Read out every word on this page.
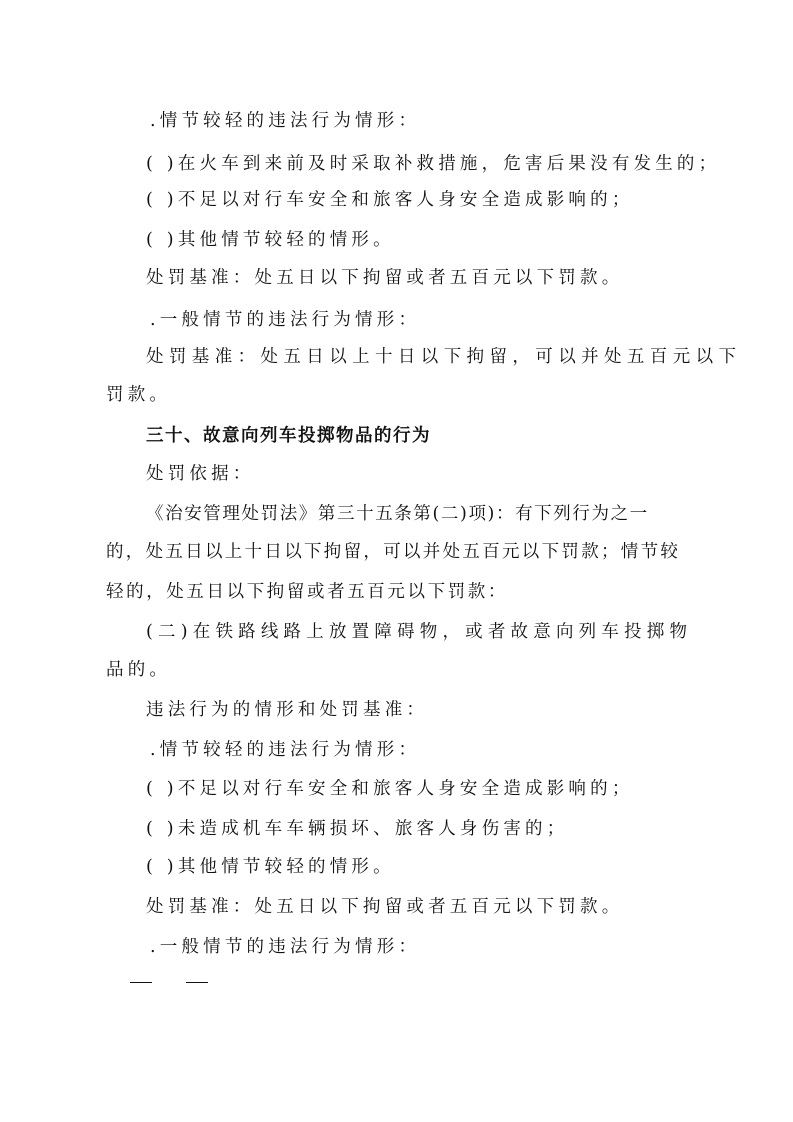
.情节较轻的违法行为情形：
( )在火车到来前及时采取补救措施，危害后果没有发生的；
( )不足以对行车安全和旅客人身安全造成影响的；
( )其他情节较轻的情形。
处罚基准：处五日以下拘留或者五百元以下罚款。
.一般情节的违法行为情形：
处罚基准：处五日以上十日以下拘留，可以并处五百元以下
罚款。
三十、故意向列车投掷物品的行为
处罚依据：
《治安管理处罚法》第三十五条第(二)项)：有下列行为之一
的，处五日以上十日以下拘留，可以并处五百元以下罚款；情节较
轻的，处五日以下拘留或者五百元以下罚款：
(二)在铁路线路上放置障碍物，或者故意向列车投掷物
品的。
违法行为的情形和处罚基准：
.情节较轻的违法行为情形：
( )不足以对行车安全和旅客人身安全造成影响的；
( )未造成机车车辆损坏、旅客人身伤害的；
( )其他情节较轻的情形。
处罚基准：处五日以下拘留或者五百元以下罚款。
.一般情节的违法行为情形：
